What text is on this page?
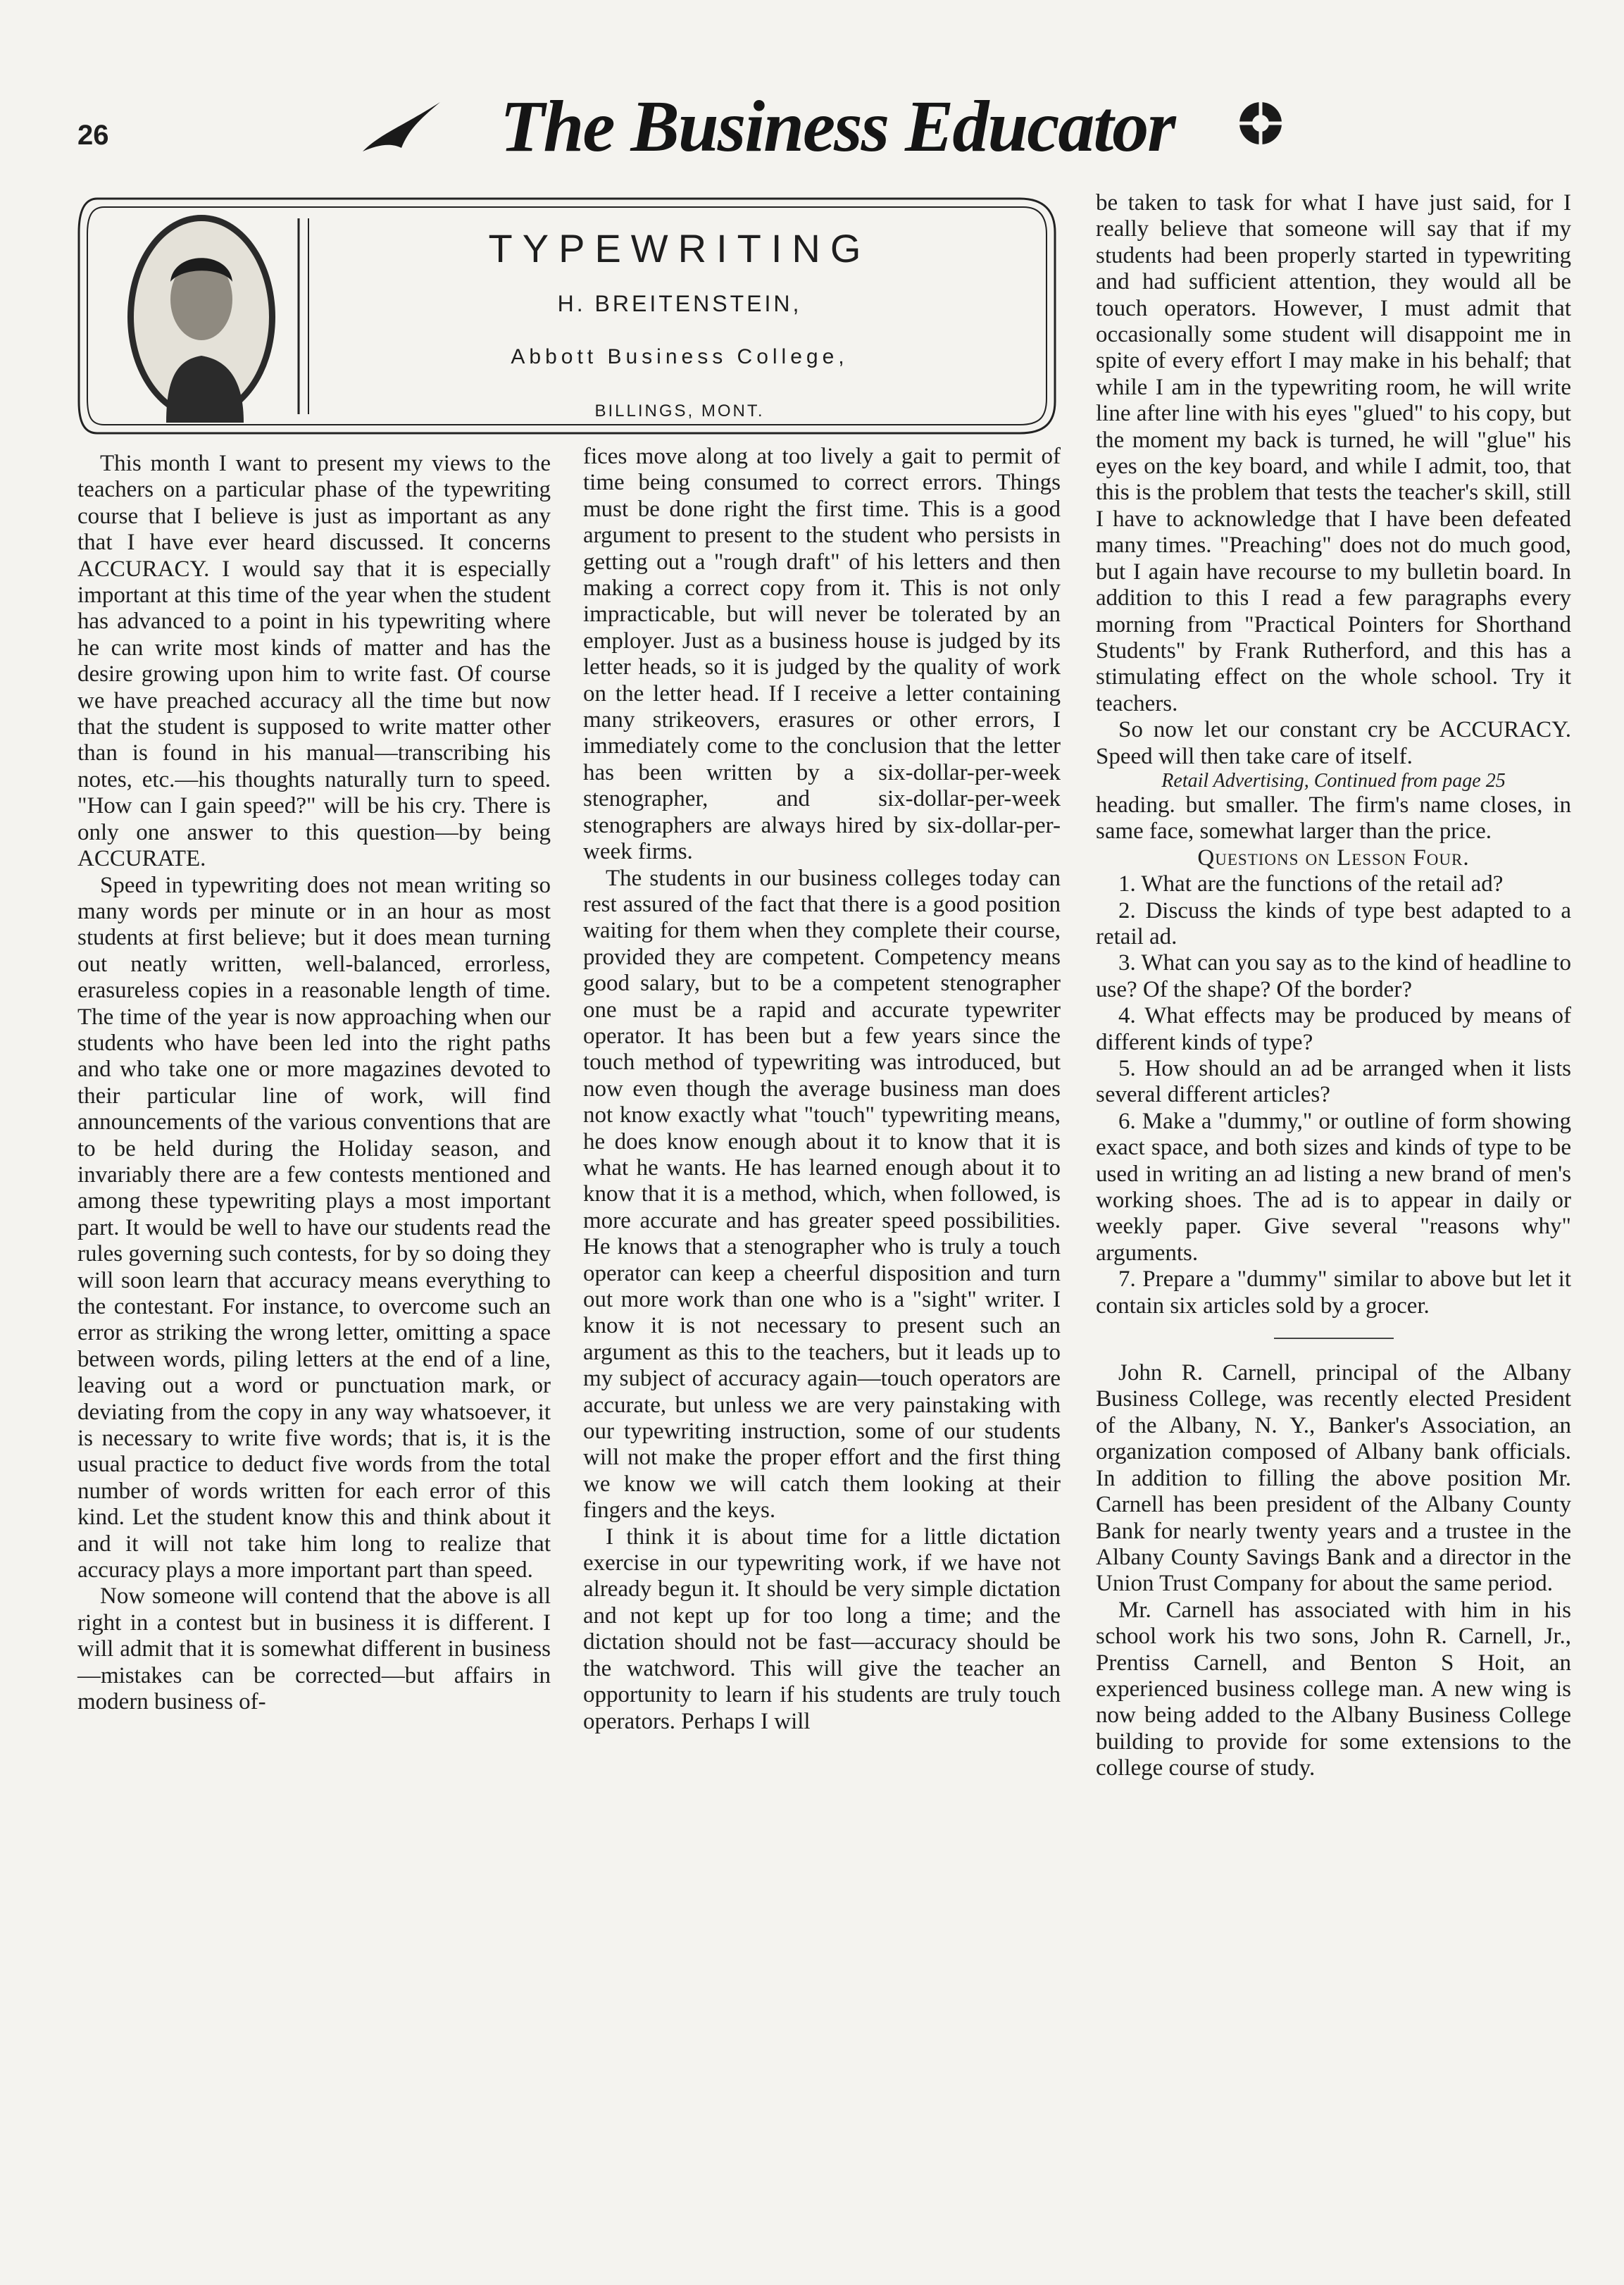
26	The Business Educator
TYPEWRITING
H. BREITENSTEIN,
Abbott Business College,
BILLINGS, MONT.

This month I want to present my views to the teachers on a particular phase of the typewriting course that I believe is just as important as any that I have ever heard discussed. It concerns ACCURACY. I would say that it is especially important at this time of the year when the student has advanced to a point in his typewriting where he can write most kinds of matter and has the desire growing upon him to write fast. Of course we have preached accuracy all the time but now that the student is supposed to write matter other than is found in his manual—transcribing his notes, etc.—his thoughts naturally turn to speed. "How can I gain speed?" will be his cry. There is only one answer to this question—by being ACCURATE.

Speed in typewriting does not mean writing so many words per minute or in an hour as most students at first believe; but it does mean turning out neatly written, well-balanced, errorless, erasureless copies in a reasonable length of time. The time of the year is now approaching when our students who have been led into the right paths and who take one or more magazines devoted to their particular line of work, will find announcements of the various conventions that are to be held during the Holiday season, and invariably there are a few contests mentioned and among these typewriting plays a most important part. It would be well to have our students read the rules governing such contests, for by so doing they will soon learn that accuracy means everything to the contestant. For instance, to overcome such an error as striking the wrong letter, omitting a space between words, piling letters at the end of a line, leaving out a word or punctuation mark, or deviating from the copy in any way whatsoever, it is necessary to write five words; that is, it is the usual practice to deduct five words from the total number of words written for each error of this kind. Let the student know this and think about it and it will not take him long to realize that accuracy plays a more important part than speed.

Now someone will contend that the above is all right in a contest but in business it is different. I will admit that it is somewhat different in business—mistakes can be corrected—but affairs in modern business of-

fices move along at too lively a gait to permit of time being consumed to correct errors. Things must be done right the first time. This is a good argument to present to the student who persists in getting out a "rough draft" of his letters and then making a correct copy from it. This is not only impracticable, but will never be tolerated by an employer. Just as a business house is judged by its letter heads, so it is judged by the quality of work on the letter head. If I receive a letter containing many strikeovers, erasures or other errors, I immediately come to the conclusion that the letter has been written by a six-dollar-per-week stenographer, and six-dollar-per-week stenographers are always hired by six-dollar-per-week firms.

The students in our business colleges today can rest assured of the fact that there is a good position waiting for them when they complete their course, provided they are competent. Competency means good salary, but to be a competent stenographer one must be a rapid and accurate typewriter operator. It has been but a few years since the touch method of typewriting was introduced, but now even though the average business man does not know exactly what "touch" typewriting means, he does know enough about it to know that it is what he wants. He has learned enough about it to know that it is a method, which, when followed, is more accurate and has greater speed possibilities. He knows that a stenographer who is truly a touch operator can keep a cheerful disposition and turn out more work than one who is a "sight" writer. I know it is not necessary to present such an argument as this to the teachers, but it leads up to my subject of accuracy again—touch operators are accurate, but unless we are very painstaking with our typewriting instruction, some of our students will not make the proper effort and the first thing we know we will catch them looking at their fingers and the keys.

I think it is about time for a little dictation exercise in our typewriting work, if we have not already begun it. It should be very simple dictation and not kept up for too long a time; and the dictation should not be fast—accuracy should be the watchword. This will give the teacher an opportunity to learn if his students are truly touch operators. Perhaps I will

be taken to task for what I have just said, for I really believe that someone will say that if my students had been properly started in typewriting and had sufficient attention, they would all be touch operators. However, I must admit that occasionally some student will disappoint me in spite of every effort I may make in his behalf; that while I am in the typewriting room, he will write line after line with his eyes "glued" to his copy, but the moment my back is turned, he will "glue" his eyes on the key board, and while I admit, too, that this is the problem that tests the teacher's skill, still I have to acknowledge that I have been defeated many times. "Preaching" does not do much good, but I again have recourse to my bulletin board. In addition to this I read a few paragraphs every morning from "Practical Pointers for Shorthand Students" by Frank Rutherford, and this has a stimulating effect on the whole school. Try it teachers.

So now let our constant cry be ACCURACY. Speed will then take care of itself.

Retail Advertising, Continued from page 25

heading. but smaller. The firm's name closes, in same face, somewhat larger than the price.

Questions on Lesson Four.

1. What are the functions of the retail ad?

2. Discuss the kinds of type best adapted to a retail ad.

3. What can you say as to the kind of headline to use? Of the shape? Of the border?

4. What effects may be produced by means of different kinds of type?

5. How should an ad be arranged when it lists several different articles?

6. Make a "dummy," or outline of form showing exact space, and both sizes and kinds of type to be used in writing an ad listing a new brand of men's working shoes. The ad is to appear in daily or weekly paper. Give several "reasons why" arguments.

7. Prepare a "dummy" similar to above but let it contain six articles sold by a grocer.

John R. Carnell, principal of the Albany Business College, was recently elected President of the Albany, N. Y., Banker's Association, an organization composed of Albany bank officials. In addition to filling the above position Mr. Carnell has been president of the Albany County Bank for nearly twenty years and a trustee in the Albany County Savings Bank and a director in the Union Trust Company for about the same period.

Mr. Carnell has associated with him in his school work his two sons, John R. Carnell, Jr., Prentiss Carnell, and Benton S Hoit, an experienced business college man. A new wing is now being added to the Albany Business College building to provide for some extensions to the college course of study.
